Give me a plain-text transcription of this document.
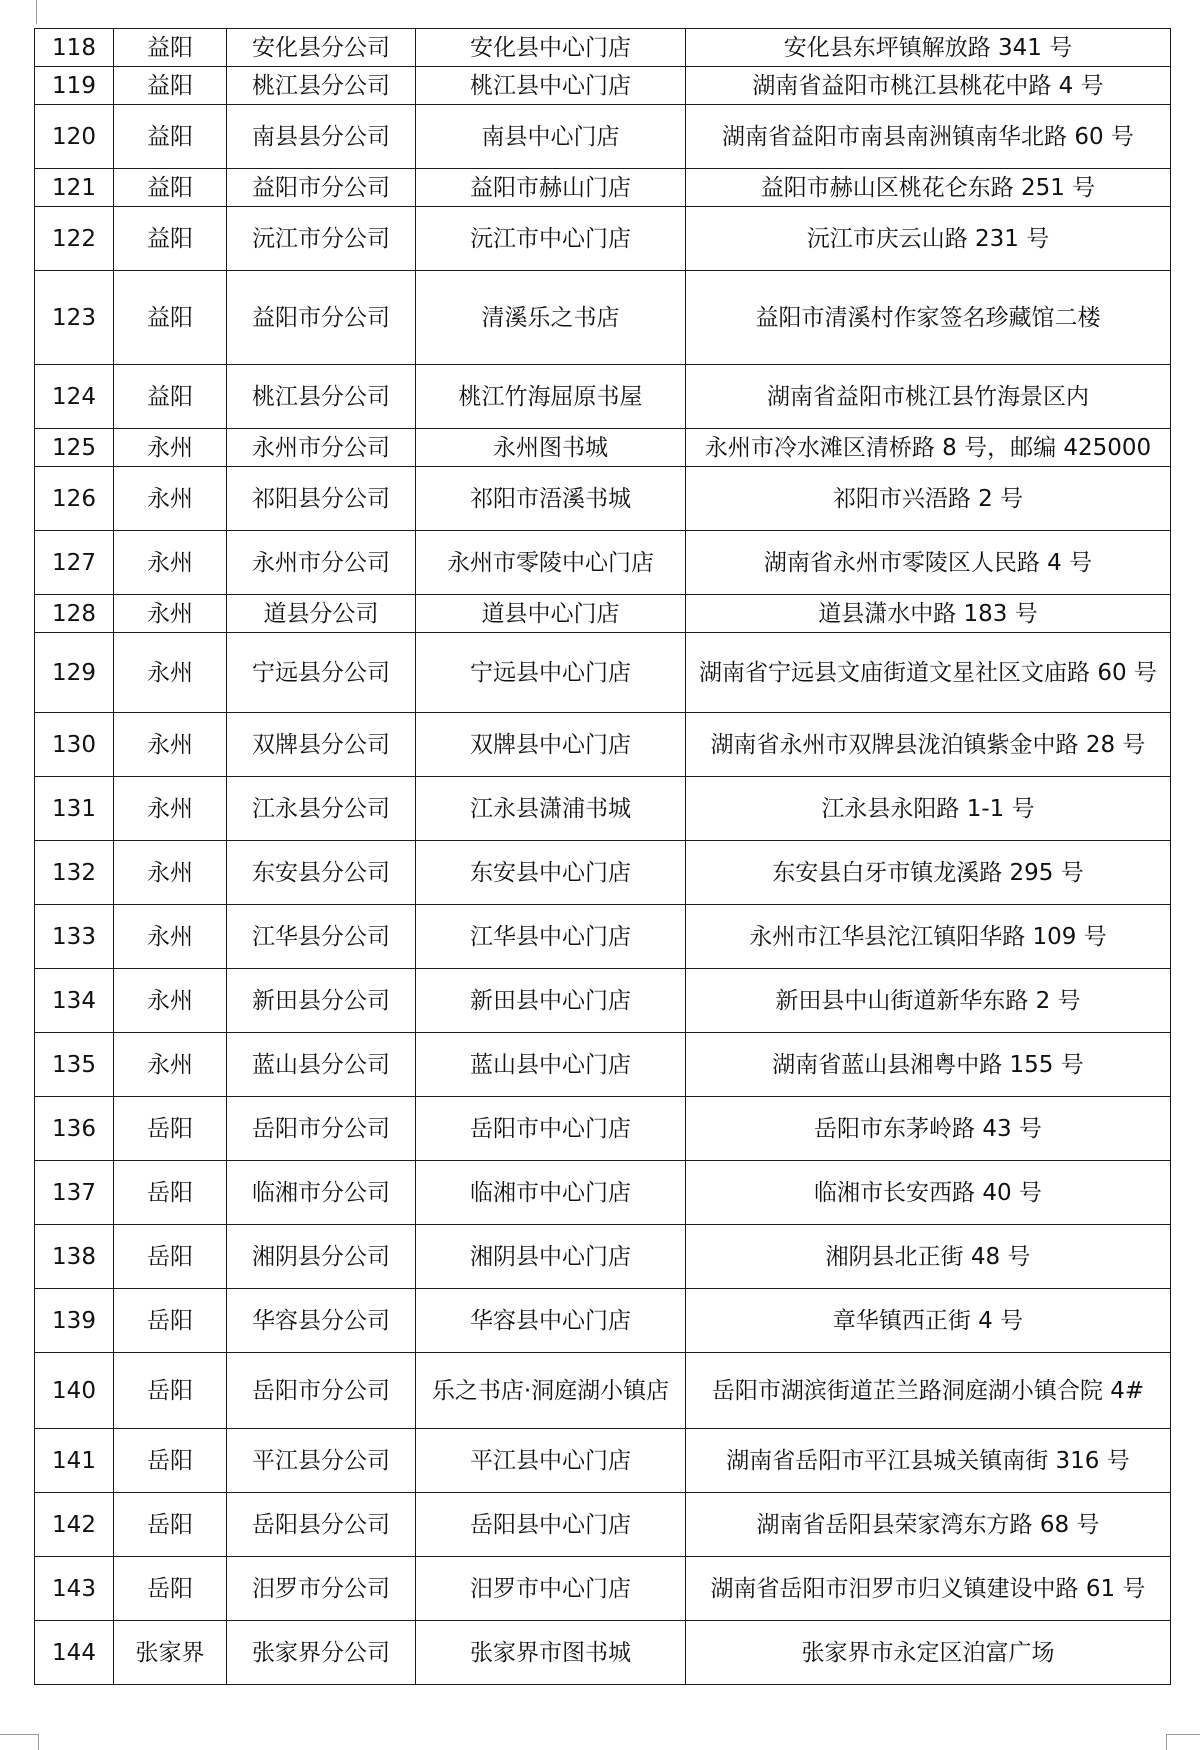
118	益阳	安化县分公司	安化县中心门店	安化县东坪镇解放路 341 号
119	益阳	桃江县分公司	桃江县中心门店	湖南省益阳市桃江县桃花中路 4 号
120	益阳	南县县分公司	南县中心门店	湖南省益阳市南县南洲镇南华北路 60 号
121	益阳	益阳市分公司	益阳市赫山门店	益阳市赫山区桃花仑东路 251 号
122	益阳	沅江市分公司	沅江市中心门店	沅江市庆云山路 231 号
123	益阳	益阳市分公司	清溪乐之书店	益阳市清溪村作家签名珍藏馆二楼
124	益阳	桃江县分公司	桃江竹海屈原书屋	湖南省益阳市桃江县竹海景区内
125	永州	永州市分公司	永州图书城	永州市冷水滩区清桥路 8 号，邮编 425000
126	永州	祁阳县分公司	祁阳市浯溪书城	祁阳市兴浯路 2 号
127	永州	永州市分公司	永州市零陵中心门店	湖南省永州市零陵区人民路 4 号
128	永州	道县分公司	道县中心门店	道县潇水中路 183 号
129	永州	宁远县分公司	宁远县中心门店	湖南省宁远县文庙街道文星社区文庙路 60 号
130	永州	双牌县分公司	双牌县中心门店	湖南省永州市双牌县泷泊镇紫金中路 28 号
131	永州	江永县分公司	江永县潇浦书城	江永县永阳路 1-1 号
132	永州	东安县分公司	东安县中心门店	东安县白牙市镇龙溪路 295 号
133	永州	江华县分公司	江华县中心门店	永州市江华县沱江镇阳华路 109 号
134	永州	新田县分公司	新田县中心门店	新田县中山街道新华东路 2 号
135	永州	蓝山县分公司	蓝山县中心门店	湖南省蓝山县湘粤中路 155 号
136	岳阳	岳阳市分公司	岳阳市中心门店	岳阳市东茅岭路 43 号
137	岳阳	临湘市分公司	临湘市中心门店	临湘市长安西路 40 号
138	岳阳	湘阴县分公司	湘阴县中心门店	湘阴县北正街 48 号
139	岳阳	华容县分公司	华容县中心门店	章华镇西正街 4 号
140	岳阳	岳阳市分公司	乐之书店·洞庭湖小镇店	岳阳市湖滨街道芷兰路洞庭湖小镇合院 4#
141	岳阳	平江县分公司	平江县中心门店	湖南省岳阳市平江县城关镇南街 316 号
142	岳阳	岳阳县分公司	岳阳县中心门店	湖南省岳阳县荣家湾东方路 68 号
143	岳阳	汨罗市分公司	汨罗市中心门店	湖南省岳阳市汨罗市归义镇建设中路 61 号
144	张家界	张家界分公司	张家界市图书城	张家界市永定区泊富广场
